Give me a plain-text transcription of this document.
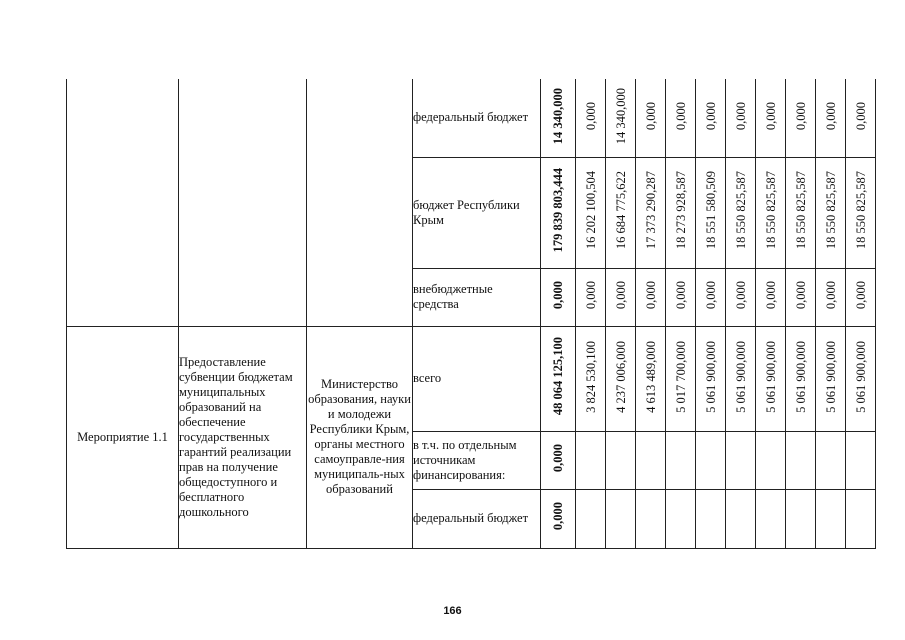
			федеральный бюджет	14 340,000	0,000	14 340,000	0,000	0,000	0,000	0,000	0,000	0,000	0,000	0,000
			бюджет Республики Крым	179 839 803,444	16 202 100,504	16 684 775,622	17 373 290,287	18 273 928,587	18 551 580,509	18 550 825,587	18 550 825,587	18 550 825,587	18 550 825,587	18 550 825,587
			внебюджетные средства	0,000	0,000	0,000	0,000	0,000	0,000	0,000	0,000	0,000	0,000	0,000
Мероприятие 1.1	Предоставление субвенции бюджетам муниципальных образований на обеспечение государственных гарантий реализации прав на получение общедоступного и бесплатного дошкольного	Министерство образования, науки и молодежи Республики Крым, органы местного самоуправле-ния муниципаль-ных образований	всего	48 064 125,100	3 824 530,100	4 237 006,000	4 613 489,000	5 017 700,000	5 061 900,000	5 061 900,000	5 061 900,000	5 061 900,000	5 061 900,000	5 061 900,000
			в т.ч. по отдельным источникам финансирования:	0,000										
			федеральный бюджет	0,000										
166
